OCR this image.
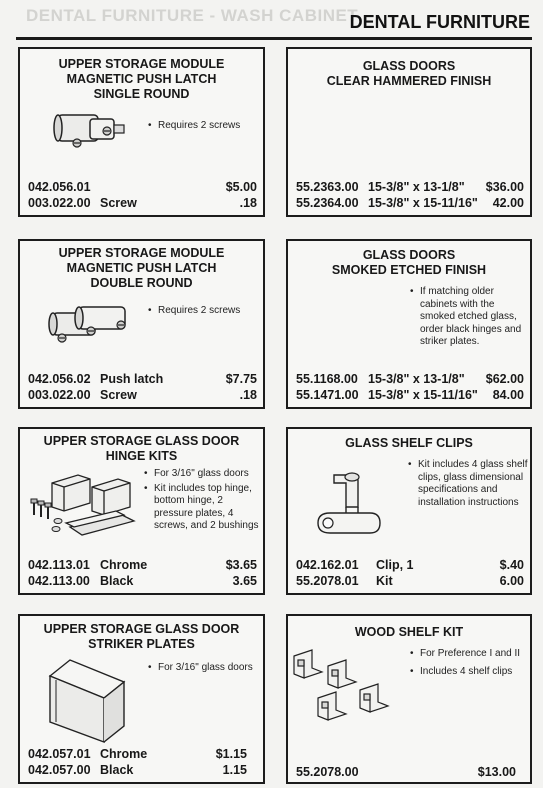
DENTAL FURNITURE - WASH CABINET
DENTAL FURNITURE
UPPER STORAGE MODULE
MAGNETIC PUSH LATCH
SINGLE ROUND
• Requires 2 screws
042.056.01	$5.00
003.022.00 Screw	.18
GLASS DOORS
CLEAR HAMMERED FINISH
55.2363.00 15-3/8" x 13-1/8" $36.00
55.2364.00 15-3/8" x 15-11/16" 42.00
UPPER STORAGE MODULE
MAGNETIC PUSH LATCH
DOUBLE ROUND
• Requires 2 screws
042.056.02 Push latch	$7.75
003.022.00 Screw	.18
GLASS DOORS
SMOKED ETCHED FINISH
• If matching older cabinets with the smoked etched glass, order black hinges and striker plates.
55.1168.00 15-3/8" x 13-1/8" $62.00
55.1471.00 15-3/8" x 15-11/16" 84.00
UPPER STORAGE GLASS DOOR
HINGE KITS
• For 3/16" glass doors
• Kit includes top hinge, bottom hinge, 2 pressure plates, 4 screws, and 2 bushings
042.113.01 Chrome	$3.65
042.113.00 Black	3.65
GLASS SHELF CLIPS
• Kit includes 4 glass shelf clips, glass dimensional specifications and installation instructions
042.162.01 Clip, 1	$.40
55.2078.01 Kit	6.00
UPPER STORAGE GLASS DOOR
STRIKER PLATES
• For 3/16" glass doors
042.057.01 Chrome	$1.15
042.057.00 Black	1.15
WOOD SHELF KIT
• For Preference I and II
• Includes 4 shelf clips
55.2078.00	$13.00
